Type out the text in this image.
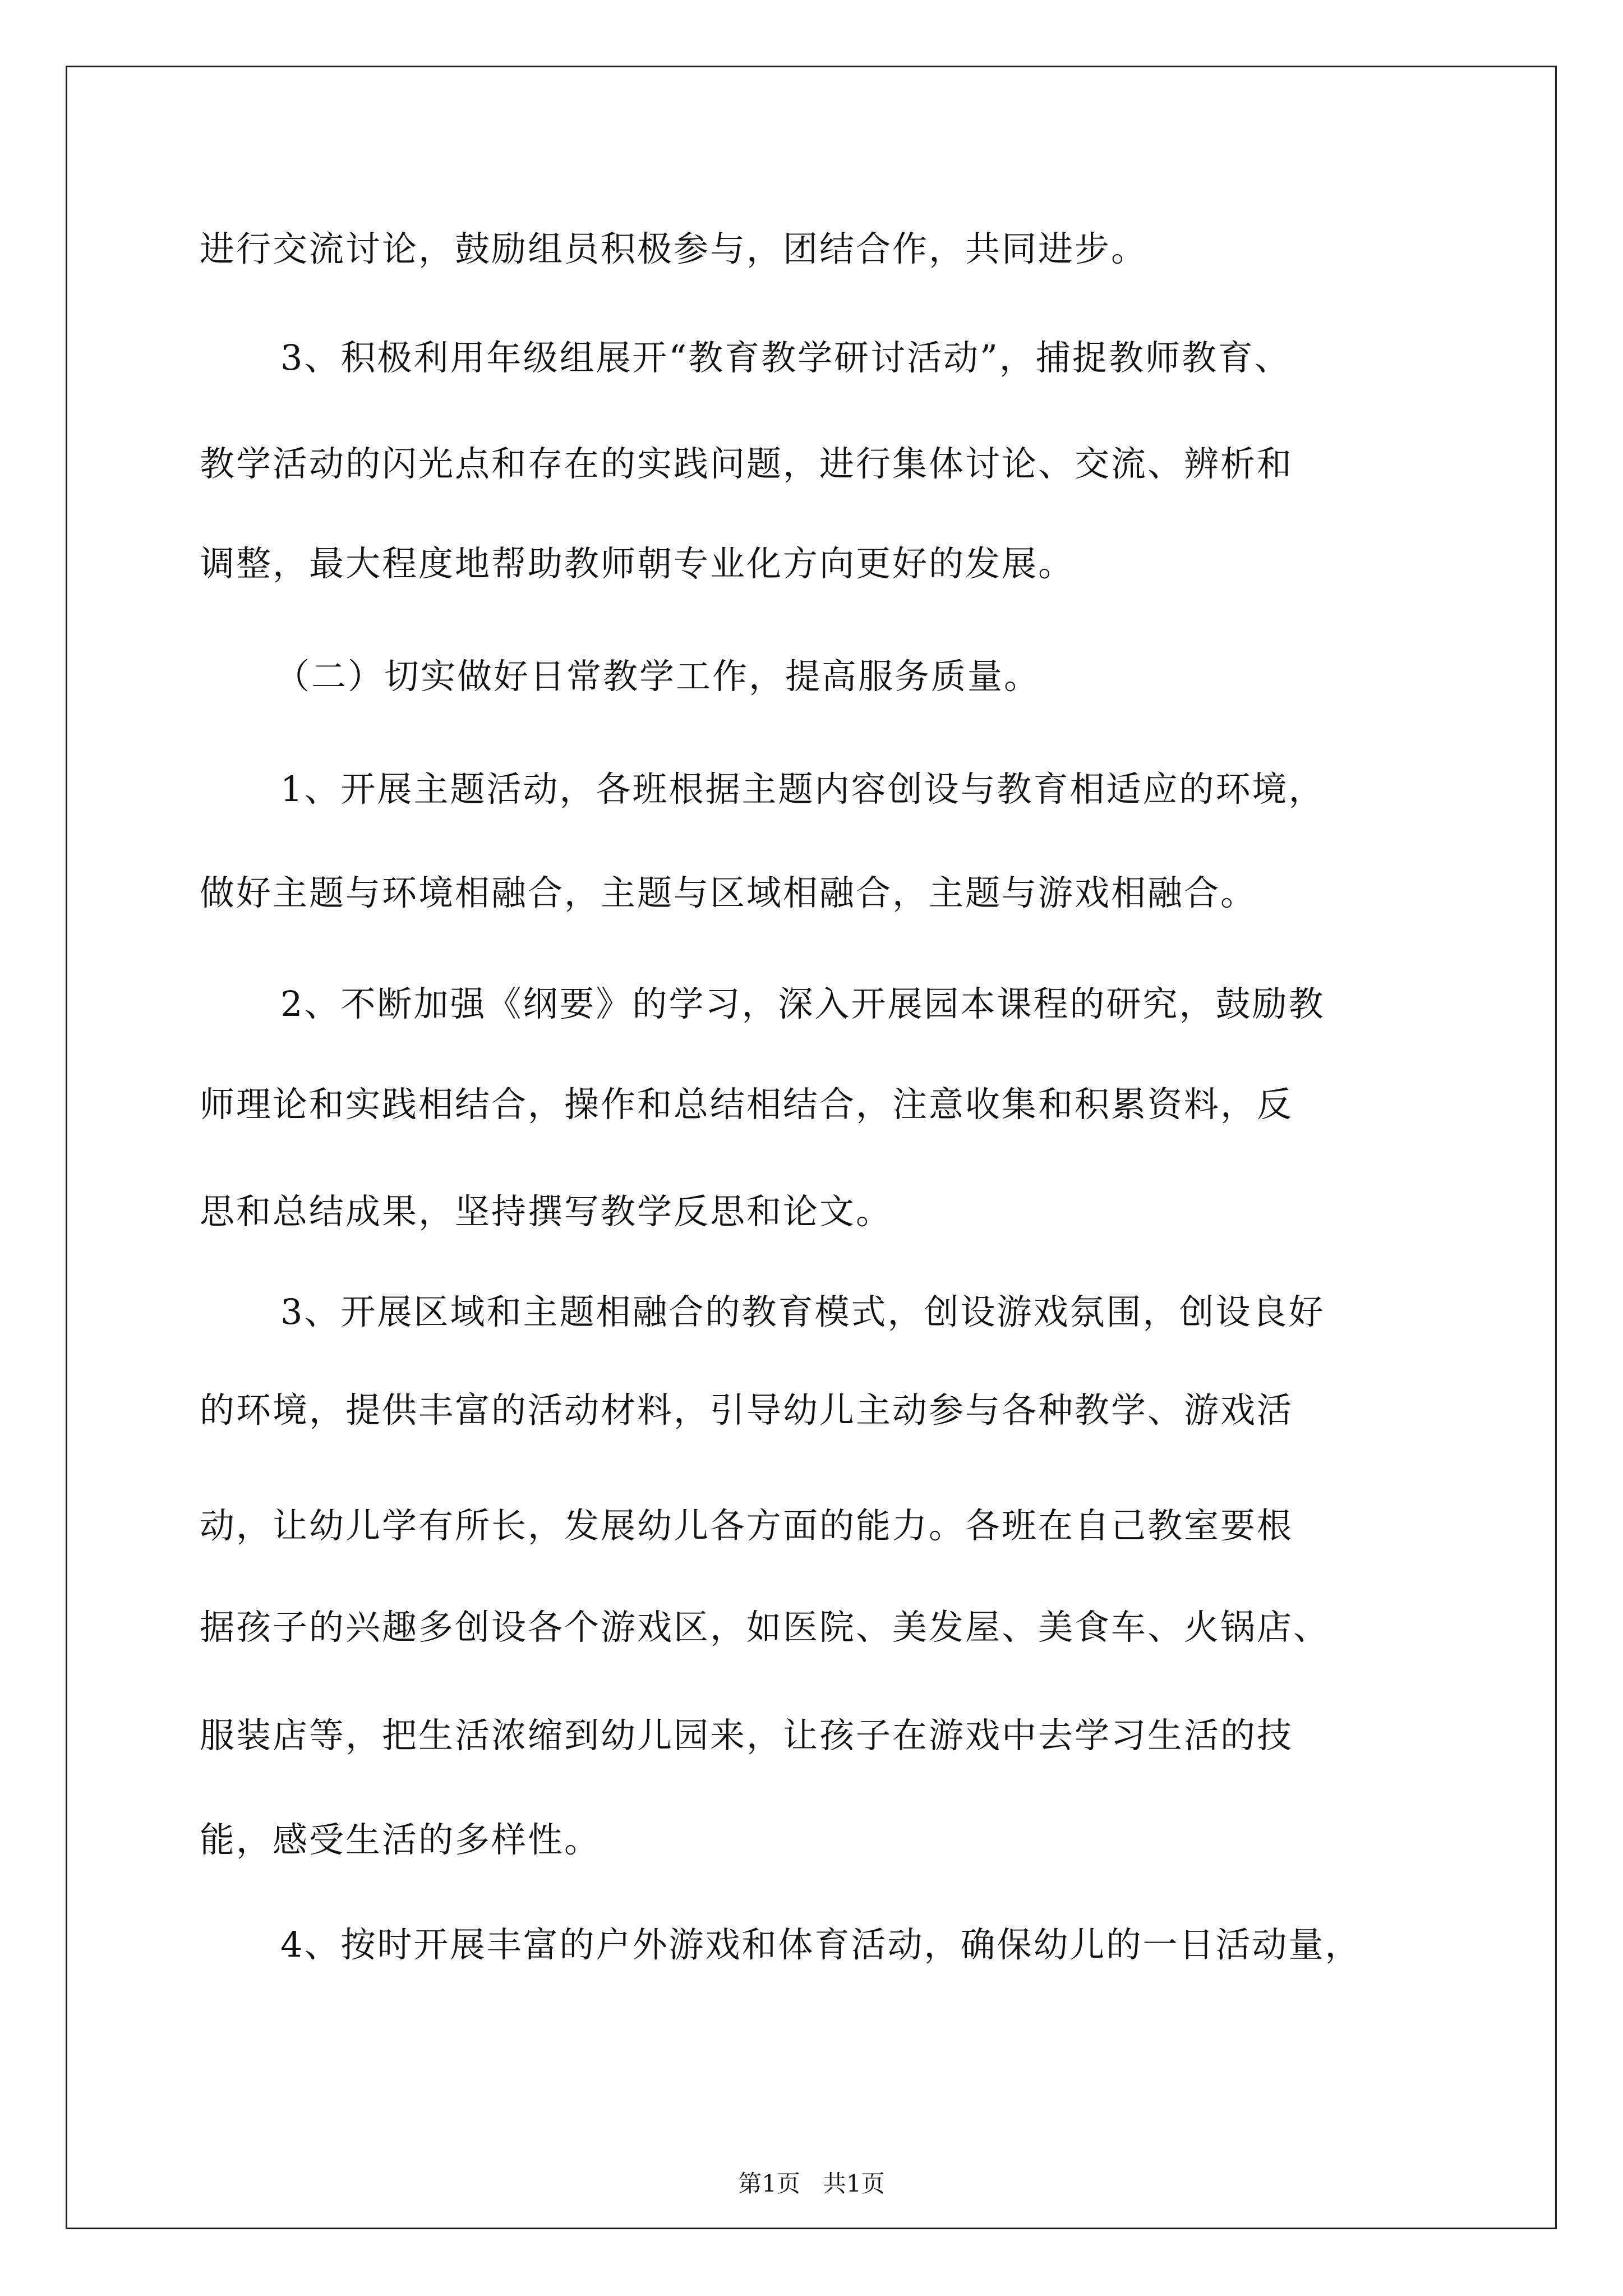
进行交流讨论，鼓励组员积极参与，团结合作，共同进步。
3、积极利用年级组展开“教育教学研讨活动”，捕捉教师教育、
教学活动的闪光点和存在的实践问题，进行集体讨论、交流、辨析和
调整，最大程度地帮助教师朝专业化方向更好的发展。
（二）切实做好日常教学工作，提高服务质量。
1、开展主题活动，各班根据主题内容创设与教育相适应的环境，
做好主题与环境相融合，主题与区域相融合，主题与游戏相融合。
2、不断加强《纲要》的学习，深入开展园本课程的研究，鼓励教
师理论和实践相结合，操作和总结相结合，注意收集和积累资料，反
思和总结成果，坚持撰写教学反思和论文。
3、开展区域和主题相融合的教育模式，创设游戏氛围，创设良好
的环境，提供丰富的活动材料，引导幼儿主动参与各种教学、游戏活
动，让幼儿学有所长，发展幼儿各方面的能力。各班在自己教室要根
据孩子的兴趣多创设各个游戏区，如医院、美发屋、美食车、火锅店、
服装店等，把生活浓缩到幼儿园来，让孩子在游戏中去学习生活的技
能，感受生活的多样性。
4、按时开展丰富的户外游戏和体育活动，确保幼儿的一日活动量，
第1页   共1页
